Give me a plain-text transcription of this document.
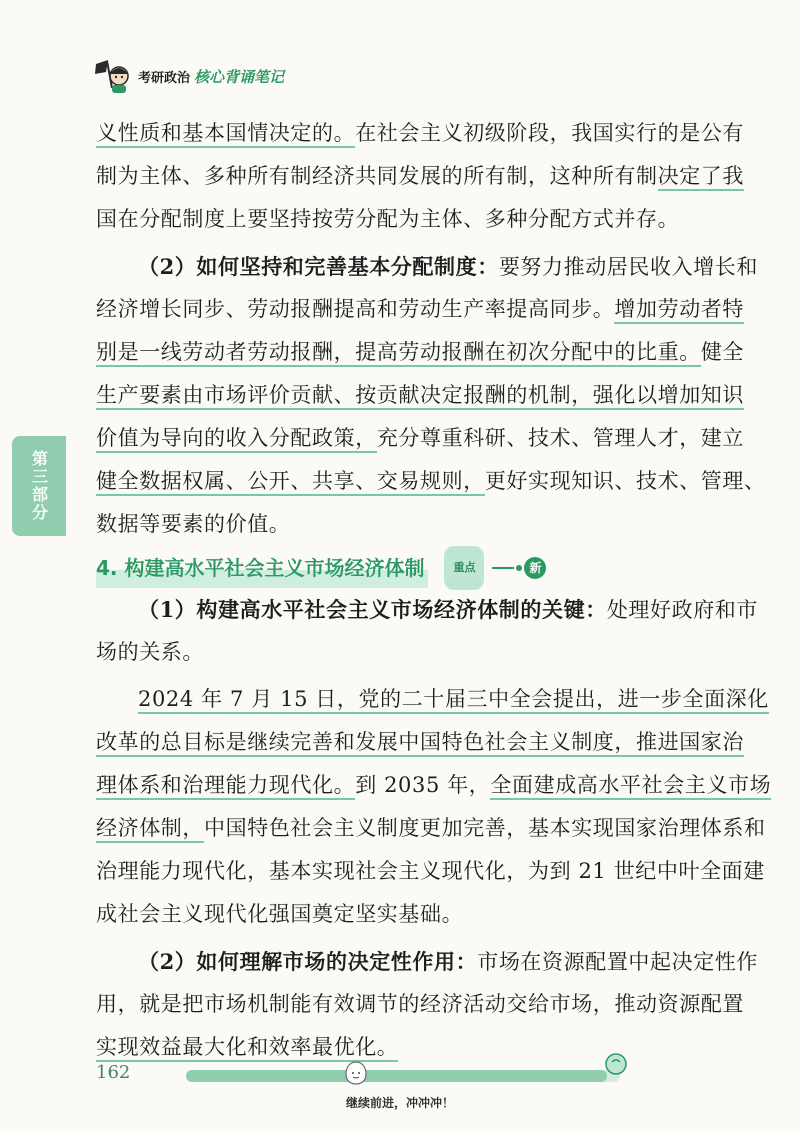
考研政治 核心背诵笔记
第三部分
义性质和基本国情决定的。在社会主义初级阶段，我国实行的是公有
制为主体、多种所有制经济共同发展的所有制，这种所有制决定了我
国在分配制度上要坚持按劳分配为主体、多种分配方式并存。
（2）如何坚持和完善基本分配制度：要努力推动居民收入增长和
经济增长同步、劳动报酬提高和劳动生产率提高同步。增加劳动者特
别是一线劳动者劳动报酬，提高劳动报酬在初次分配中的比重。健全
生产要素由市场评价贡献、按贡献决定报酬的机制，强化以增加知识
价值为导向的收入分配政策，充分尊重科研、技术、管理人才，建立
健全数据权属、公开、共享、交易规则，更好实现知识、技术、管理、
数据等要素的价值。
4. 构建高水平社会主义市场经济体制	重点	新
（1）构建高水平社会主义市场经济体制的关键：处理好政府和市
场的关系。
2024 年 7 月 15 日，党的二十届三中全会提出，进一步全面深化
改革的总目标是继续完善和发展中国特色社会主义制度，推进国家治
理体系和治理能力现代化。到 2035 年，全面建成高水平社会主义市场
经济体制，中国特色社会主义制度更加完善，基本实现国家治理体系和
治理能力现代化，基本实现社会主义现代化，为到 21 世纪中叶全面建
成社会主义现代化强国奠定坚实基础。
（2）如何理解市场的决定性作用：市场在资源配置中起决定性作
用，就是把市场机制能有效调节的经济活动交给市场，推动资源配置
实现效益最大化和效率最优化。
162
继续前进，冲冲冲！
